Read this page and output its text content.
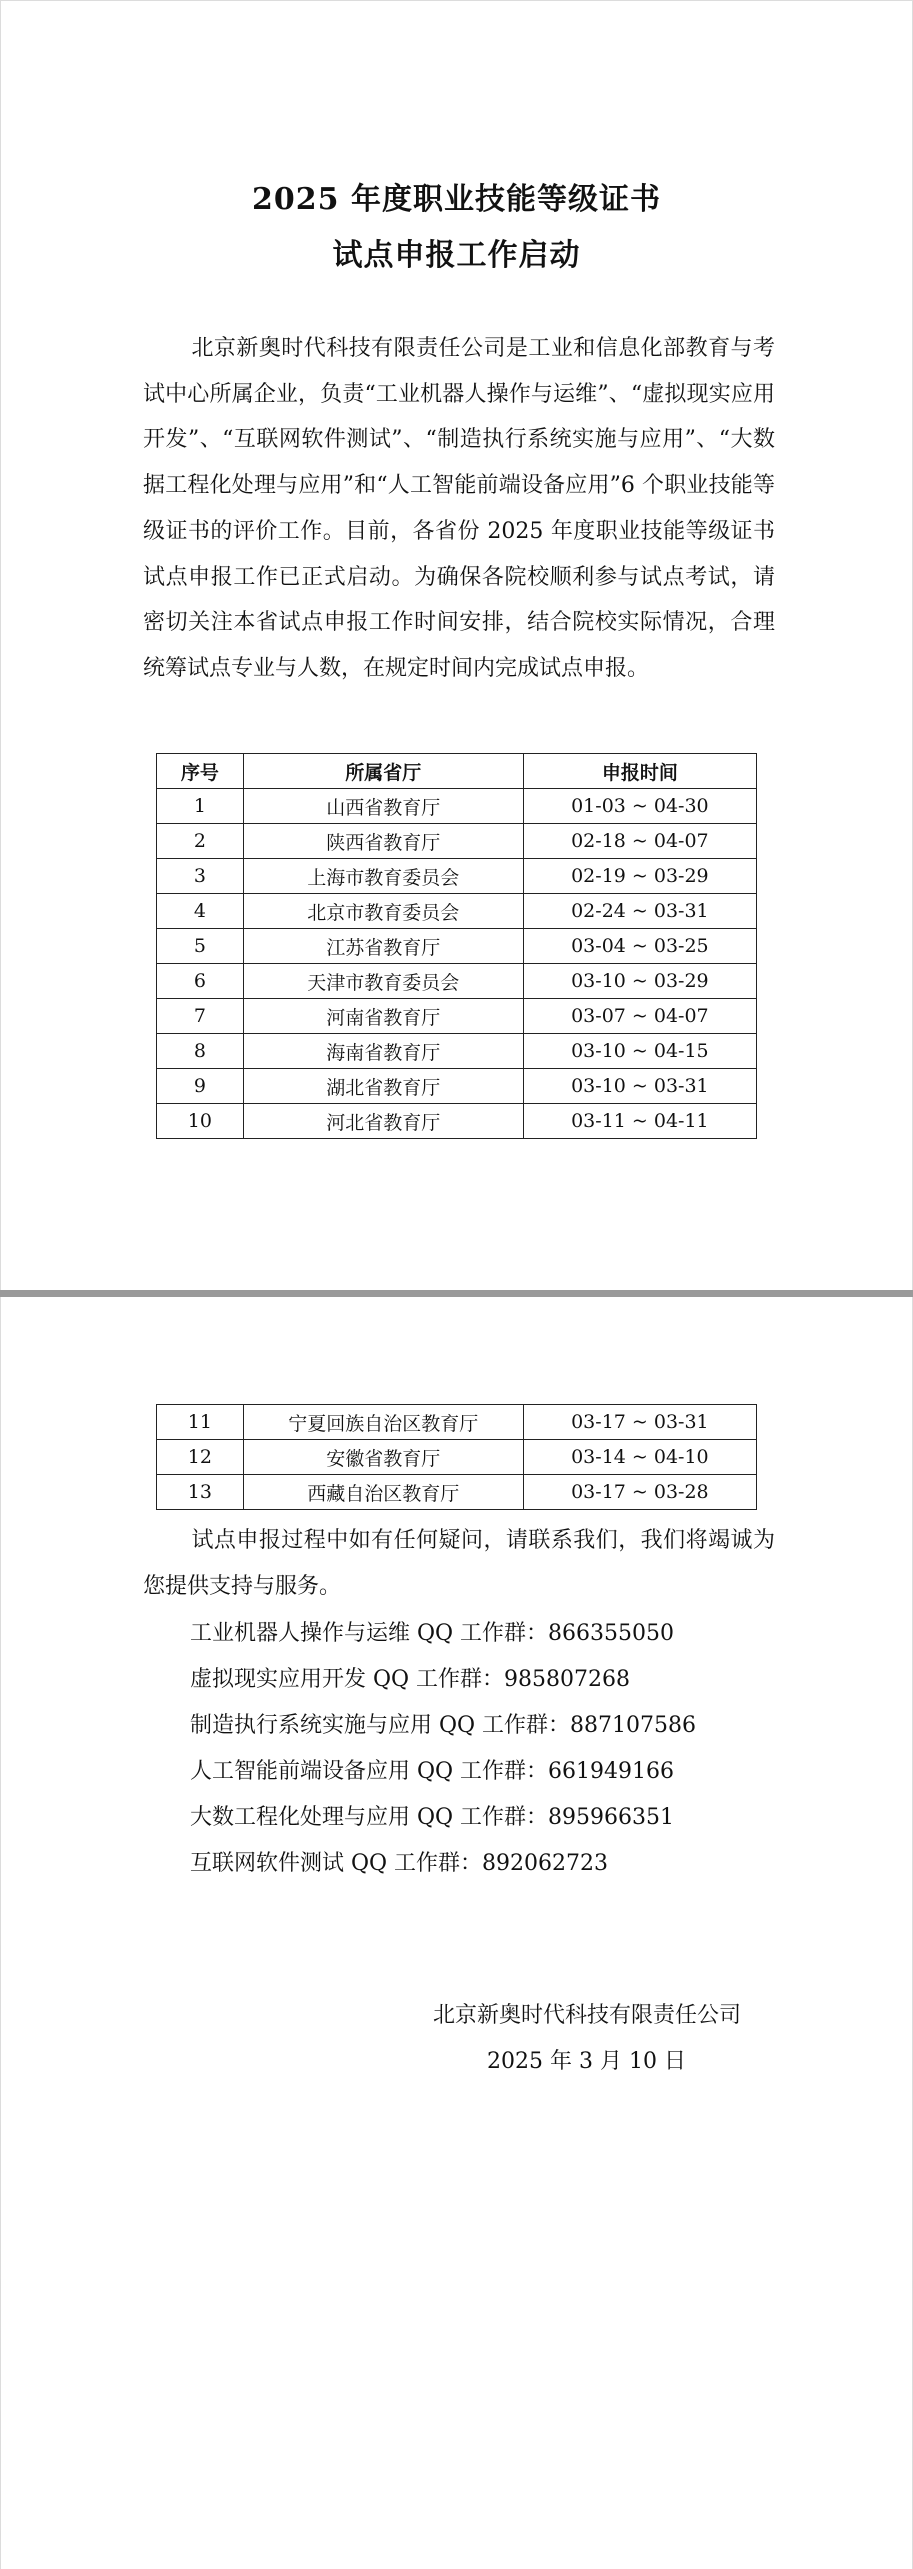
2025 年度职业技能等级证书
试点申报工作启动
北京新奥时代科技有限责任公司是工业和信息化部教育与考试中心所属企业，负责“工业机器人操作与运维”、“虚拟现实应用开发”、“互联网软件测试”、“制造执行系统实施与应用”、“大数据工程化处理与应用”和“人工智能前端设备应用”6 个职业技能等级证书的评价工作。目前，各省份 2025 年度职业技能等级证书试点申报工作已正式启动。为确保各院校顺利参与试点考试，请密切关注本省试点申报工作时间安排，结合院校实际情况，合理统筹试点专业与人数，在规定时间内完成试点申报。
序号	所属省厅	申报时间
1	山西省教育厅	01-03 ~ 04-30
2	陕西省教育厅	02-18 ~ 04-07
3	上海市教育委员会	02-19 ~ 03-29
4	北京市教育委员会	02-24 ~ 03-31
5	江苏省教育厅	03-04 ~ 03-25
6	天津市教育委员会	03-10 ~ 03-29
7	河南省教育厅	03-07 ~ 04-07
8	海南省教育厅	03-10 ~ 04-15
9	湖北省教育厅	03-10 ~ 03-31
10	河北省教育厅	03-11 ~ 04-11
11	宁夏回族自治区教育厅	03-17 ~ 03-31
12	安徽省教育厅	03-14 ~ 04-10
13	西藏自治区教育厅	03-17 ~ 03-28
试点申报过程中如有任何疑问，请联系我们，我们将竭诚为您提供支持与服务。
工业机器人操作与运维 QQ 工作群：866355050
虚拟现实应用开发 QQ 工作群：985807268
制造执行系统实施与应用 QQ 工作群：887107586
人工智能前端设备应用 QQ 工作群：661949166
大数工程化处理与应用 QQ 工作群：895966351
互联网软件测试 QQ 工作群：892062723
北京新奥时代科技有限责任公司
2025 年 3 月 10 日
